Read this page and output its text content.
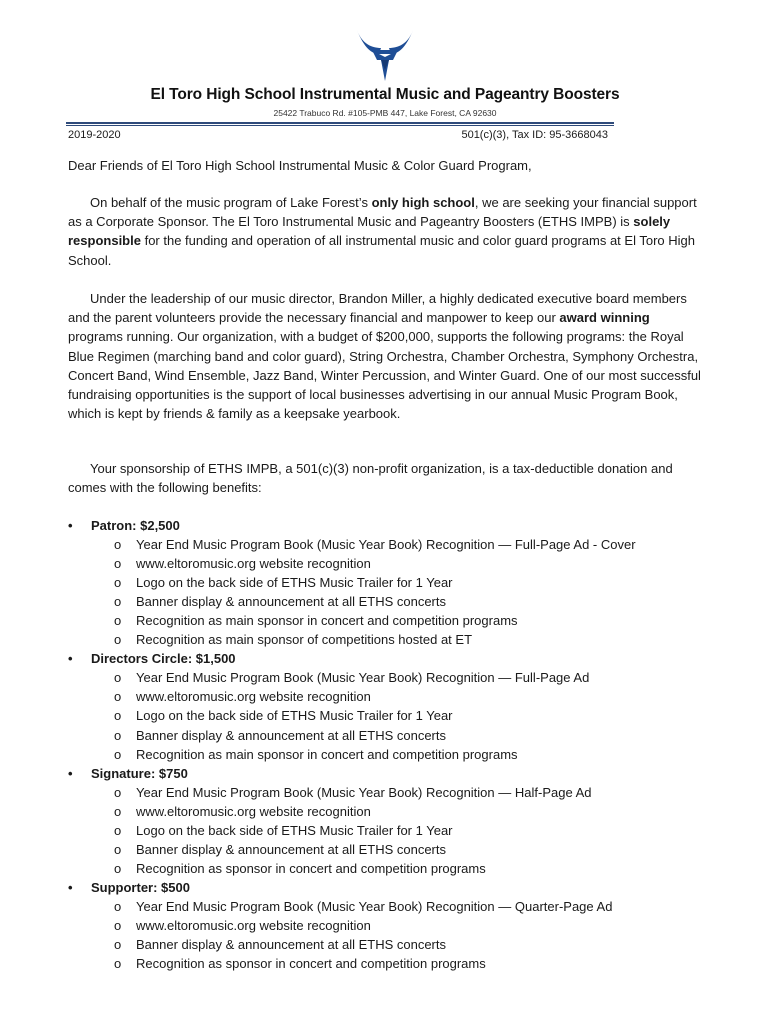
El Toro High School Instrumental Music and Pageantry Boosters
25422 Trabuco Rd. #105-PMB 447, Lake Forest, CA 92630
2019-2020	501(c)(3), Tax ID: 95-3668043
Dear Friends of El Toro High School Instrumental Music & Color Guard Program,

On behalf of the music program of Lake Forest’s only high school, we are seeking your financial support as a Corporate Sponsor. The El Toro Instrumental Music and Pageantry Boosters (ETHS IMPB) is solely responsible for the funding and operation of all instrumental music and color guard programs at El Toro High School.

Under the leadership of our music director, Brandon Miller, a highly dedicated executive board members and the parent volunteers provide the necessary financial and manpower to keep our award winning programs running. Our organization, with a budget of $200,000, supports the following programs: the Royal Blue Regimen (marching band and color guard), String Orchestra, Chamber Orchestra, Symphony Orchestra, Concert Band, Wind Ensemble, Jazz Band, Winter Percussion, and Winter Guard. One of our most successful fundraising opportunities is the support of local businesses advertising in our annual Music Program Book, which is kept by friends & family as a keepsake yearbook.

Your sponsorship of ETHS IMPB, a 501(c)(3) non-profit organization, is a tax-deductible donation and comes with the following benefits:

• Patron: $2,500
o Year End Music Program Book (Music Year Book) Recognition — Full-Page Ad - Cover
o www.eltoromusic.org website recognition
o Logo on the back side of ETHS Music Trailer for 1 Year
o Banner display & announcement at all ETHS concerts
o Recognition as main sponsor in concert and competition programs
o Recognition as main sponsor of competitions hosted at ET
• Directors Circle: $1,500
o Year End Music Program Book (Music Year Book) Recognition — Full-Page Ad
o www.eltoromusic.org website recognition
o Logo on the back side of ETHS Music Trailer for 1 Year
o Banner display & announcement at all ETHS concerts
o Recognition as main sponsor in concert and competition programs
• Signature: $750
o Year End Music Program Book (Music Year Book) Recognition — Half-Page Ad
o www.eltoromusic.org website recognition
o Logo on the back side of ETHS Music Trailer for 1 Year
o Banner display & announcement at all ETHS concerts
o Recognition as sponsor in concert and competition programs
• Supporter: $500
o Year End Music Program Book (Music Year Book) Recognition — Quarter-Page Ad
o www.eltoromusic.org website recognition
o Banner display & announcement at all ETHS concerts
o Recognition as sponsor in concert and competition programs
